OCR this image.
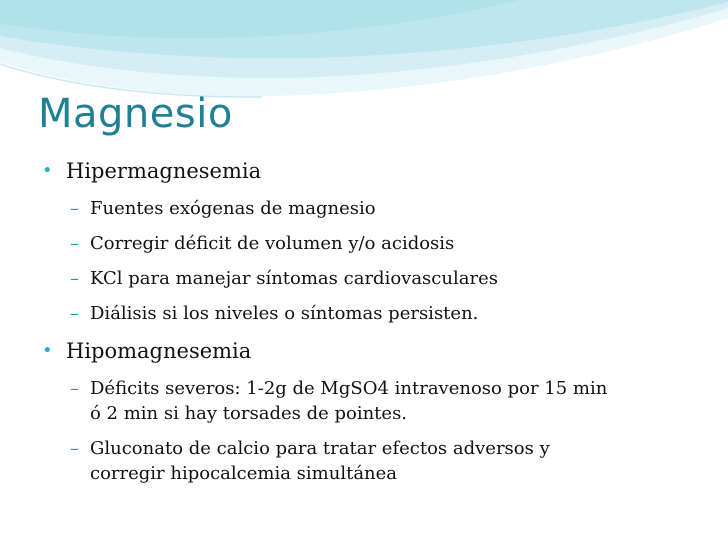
Magnesio

• Hipermagnesemia

– Fuentes exógenas de magnesio

– Corregir déficit de volumen y/o acidosis

– KCl para manejar síntomas cardiovasculares

– Diálisis si los niveles o síntomas persisten.

• Hipomagnesemia

– Déficits severos: 1-2g de MgSO4 intravenoso por 15 min
ó 2 min si hay torsades de pointes.

– Gluconato de calcio para tratar efectos adversos y
corregir hipocalcemia simultánea
